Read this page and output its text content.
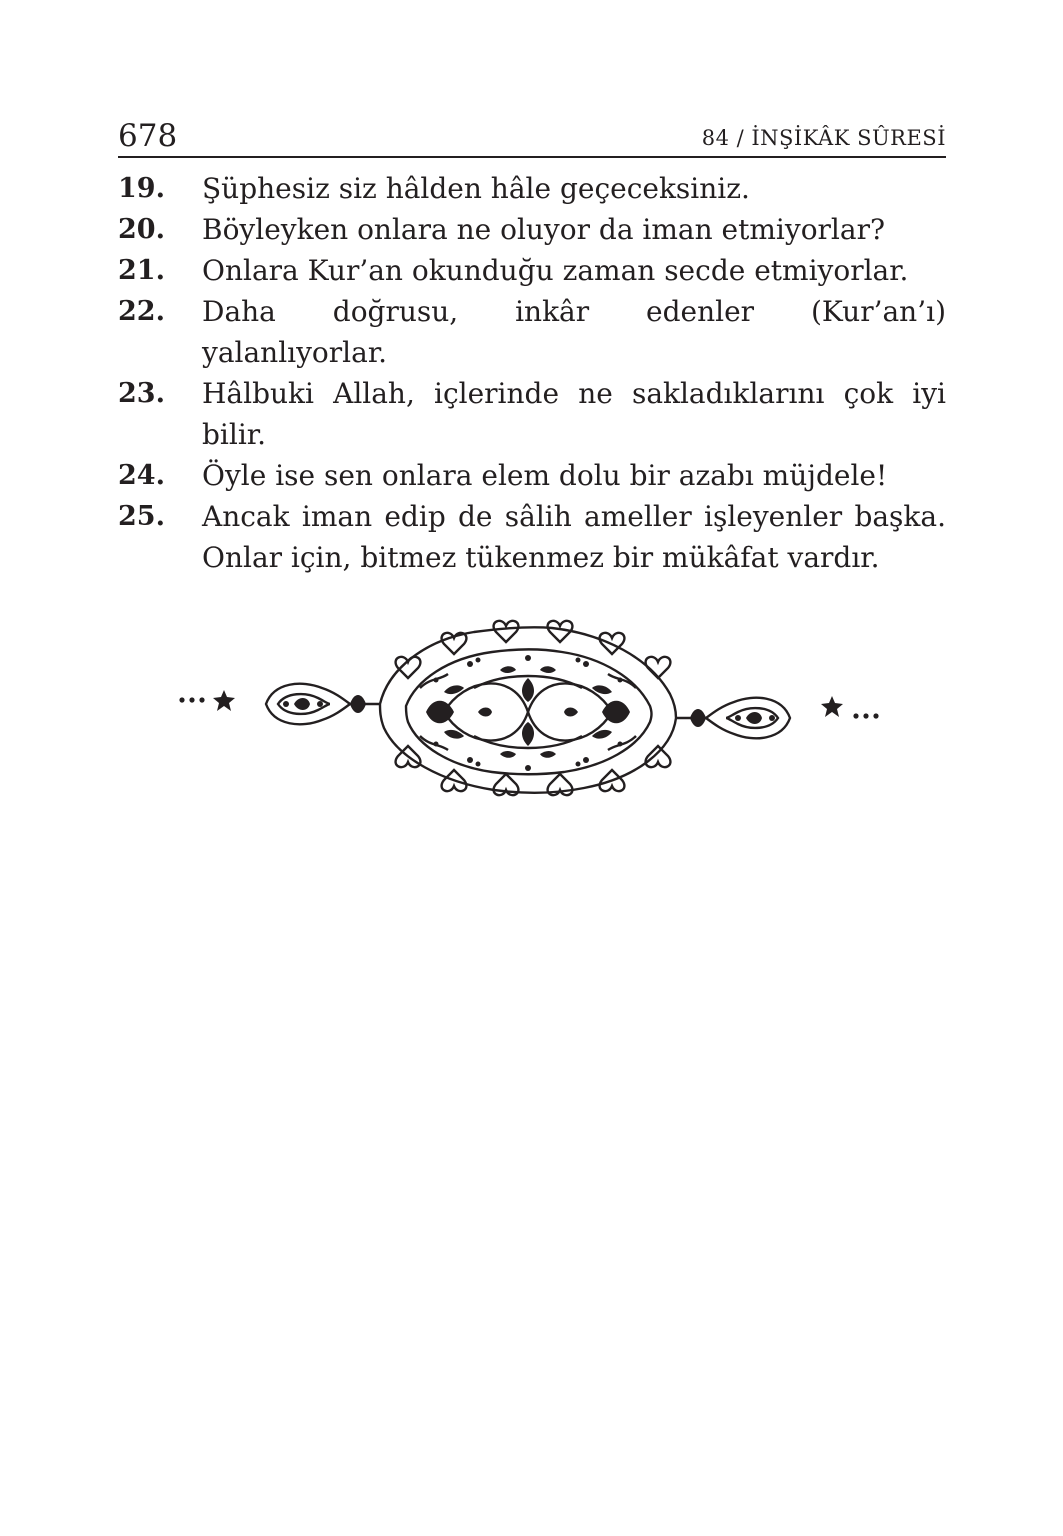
678	84 / İNŞİKÂK SÛRESİ
19.	Şüphesiz siz hâlden hâle geçeceksiniz.
20.	Böyleyken onlara ne oluyor da iman etmiyorlar?
21.	Onlara Kur’an okunduğu zaman secde etmiyorlar.
22.	Daha doğrusu, inkâr edenler (Kur’an’ı) yalanlıyorlar.
23.	Hâlbuki Allah, içlerinde ne sakladıklarını çok iyi bilir.
24.	Öyle ise sen onlara elem dolu bir azabı müjdele!
25.	Ancak iman edip de sâlih ameller işleyenler başka. Onlar için, bitmez tükenmez bir mükâfat vardır.
